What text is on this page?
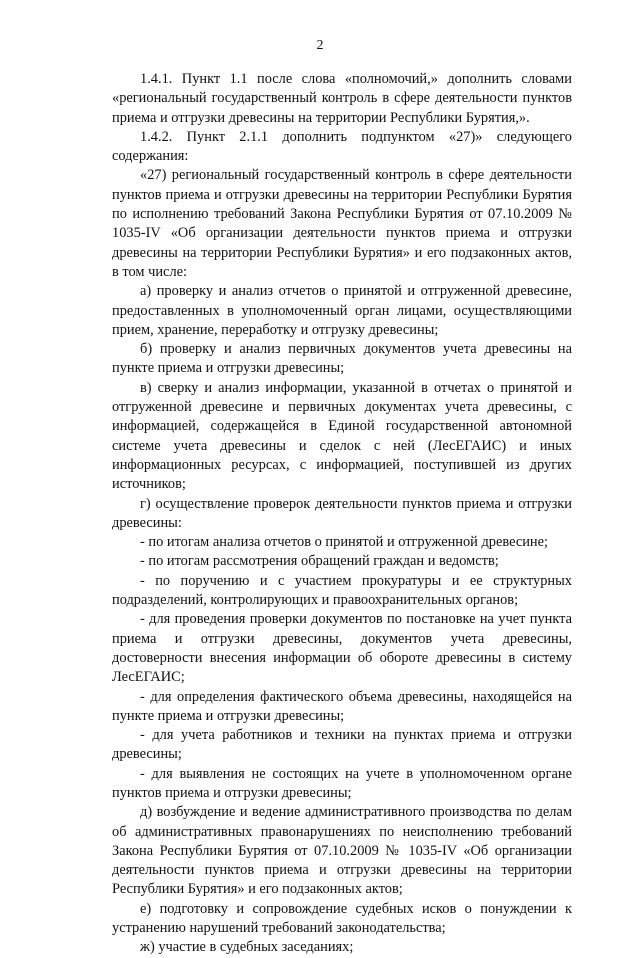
2

1.4.1. Пункт 1.1 после слова «полномочий,» дополнить словами «региональный государственный контроль в сфере деятельности пунктов приема и отгрузки древесины на территории Республики Бурятия,».

1.4.2. Пункт 2.1.1 дополнить подпунктом «27)» следующего содержания:

«27) региональный государственный контроль в сфере деятельности пунктов приема и отгрузки древесины на территории Республики Бурятия по исполнению требований Закона Республики Бурятия от 07.10.2009 № 1035-IV «Об организации деятельности пунктов приема и отгрузки древесины на территории Республики Бурятия» и его подзаконных актов, в том числе:

а) проверку и анализ отчетов о принятой и отгруженной древесине, предоставленных в уполномоченный орган лицами, осуществляющими прием, хранение, переработку и отгрузку древесины;

б) проверку и анализ первичных документов учета древесины на пункте приема и отгрузки древесины;

в) сверку и анализ информации, указанной в отчетах о принятой и отгруженной древесине и первичных документах учета древесины, с информацией, содержащейся в Единой государственной автономной системе учета древесины и сделок с ней (ЛесЕГАИС) и иных информационных ресурсах, с информацией, поступившей из других источников;

г) осуществление проверок деятельности пунктов приема и отгрузки древесины:

- по итогам анализа отчетов о принятой и отгруженной древесине;

- по итогам рассмотрения обращений граждан и ведомств;

- по поручению и с участием прокуратуры и ее структурных подразделений, контролирующих и правоохранительных органов;

- для проведения проверки документов по постановке на учет пункта приема и отгрузки древесины, документов учета древесины, достоверности внесения информации об обороте древесины в систему ЛесЕГАИС;

- для определения фактического объема древесины, находящейся на пункте приема и отгрузки древесины;

- для учета работников и техники на пунктах приема и отгрузки древесины;

- для выявления не состоящих на учете в уполномоченном органе пунктов приема и отгрузки древесины;

д) возбуждение и ведение административного производства по делам об административных правонарушениях по неисполнению требований Закона Республики Бурятия от 07.10.2009 № 1035-IV «Об организации деятельности пунктов приема и отгрузки древесины на территории Республики Бурятия» и его подзаконных актов;

е) подготовку и сопровождение судебных исков о понуждении к устранению нарушений требований законодательства;

ж) участие в судебных заседаниях;
